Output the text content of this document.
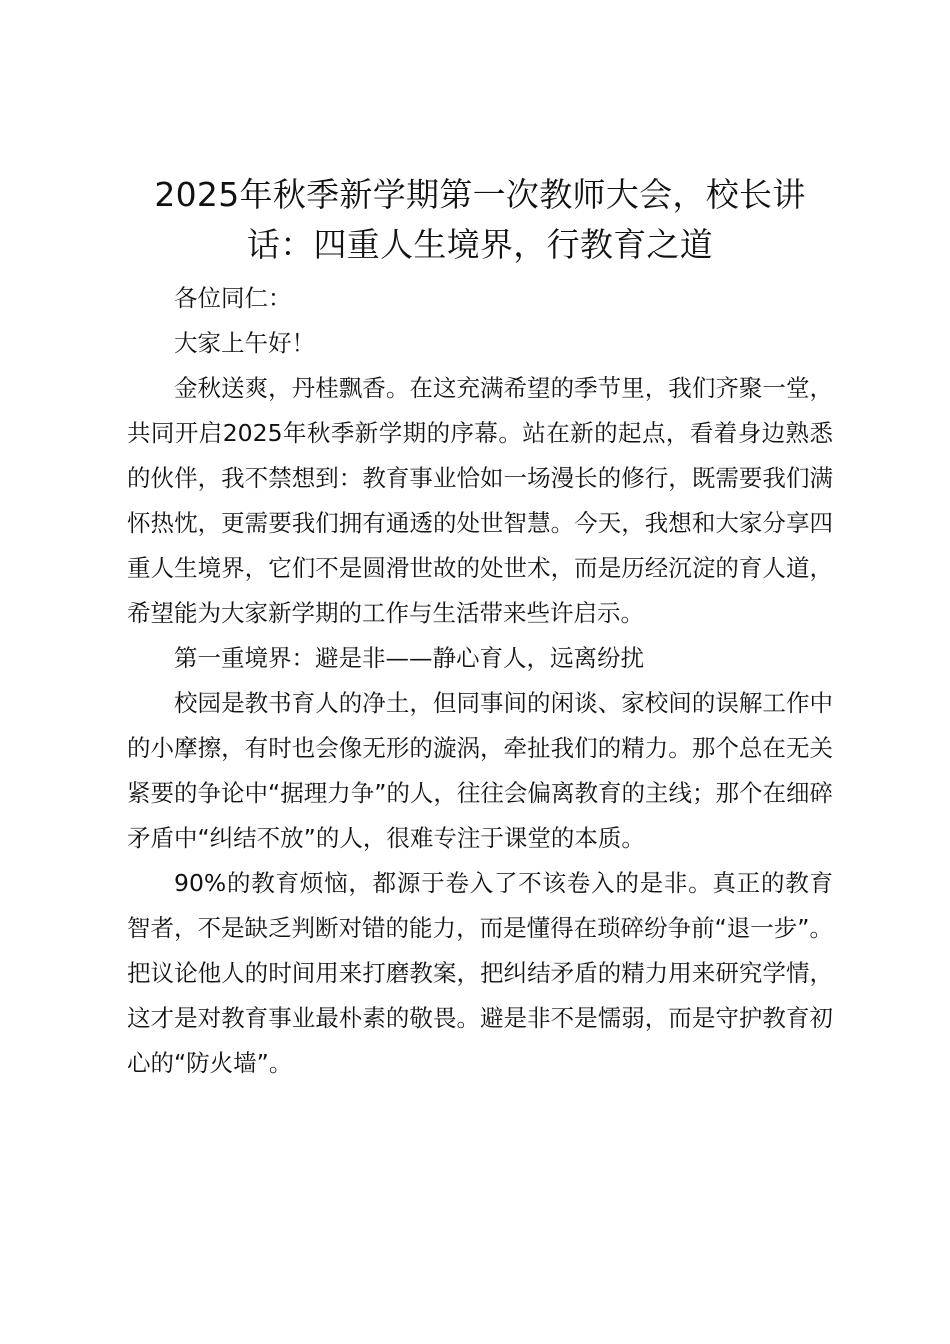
2025年秋季新学期第一次教师大会，校长讲话：四重人生境界，行教育之道

各位同仁：

大家上午好！

金秋送爽，丹桂飘香。在这充满希望的季节里，我们齐聚一堂，共同开启2025年秋季新学期的序幕。站在新的起点，看着身边熟悉的伙伴，我不禁想到：教育事业恰如一场漫长的修行，既需要我们满怀热忱，更需要我们拥有通透的处世智慧。今天，我想和大家分享四重人生境界，它们不是圆滑世故的处世术，而是历经沉淀的育人道，希望能为大家新学期的工作与生活带来些许启示。

第一重境界：避是非——静心育人，远离纷扰

校园是教书育人的净土，但同事间的闲谈、家校间的误解工作中的小摩擦，有时也会像无形的漩涡，牵扯我们的精力。那个总在无关紧要的争论中“据理力争”的人，往往会偏离教育的主线；那个在细碎矛盾中“纠结不放”的人，很难专注于课堂的本质。

90%的教育烦恼，都源于卷入了不该卷入的是非。真正的教育智者，不是缺乏判断对错的能力，而是懂得在琐碎纷争前“退一步”。把议论他人的时间用来打磨教案，把纠结矛盾的精力用来研究学情，这才是对教育事业最朴素的敬畏。避是非不是懦弱，而是守护教育初心的“防火墙”。
